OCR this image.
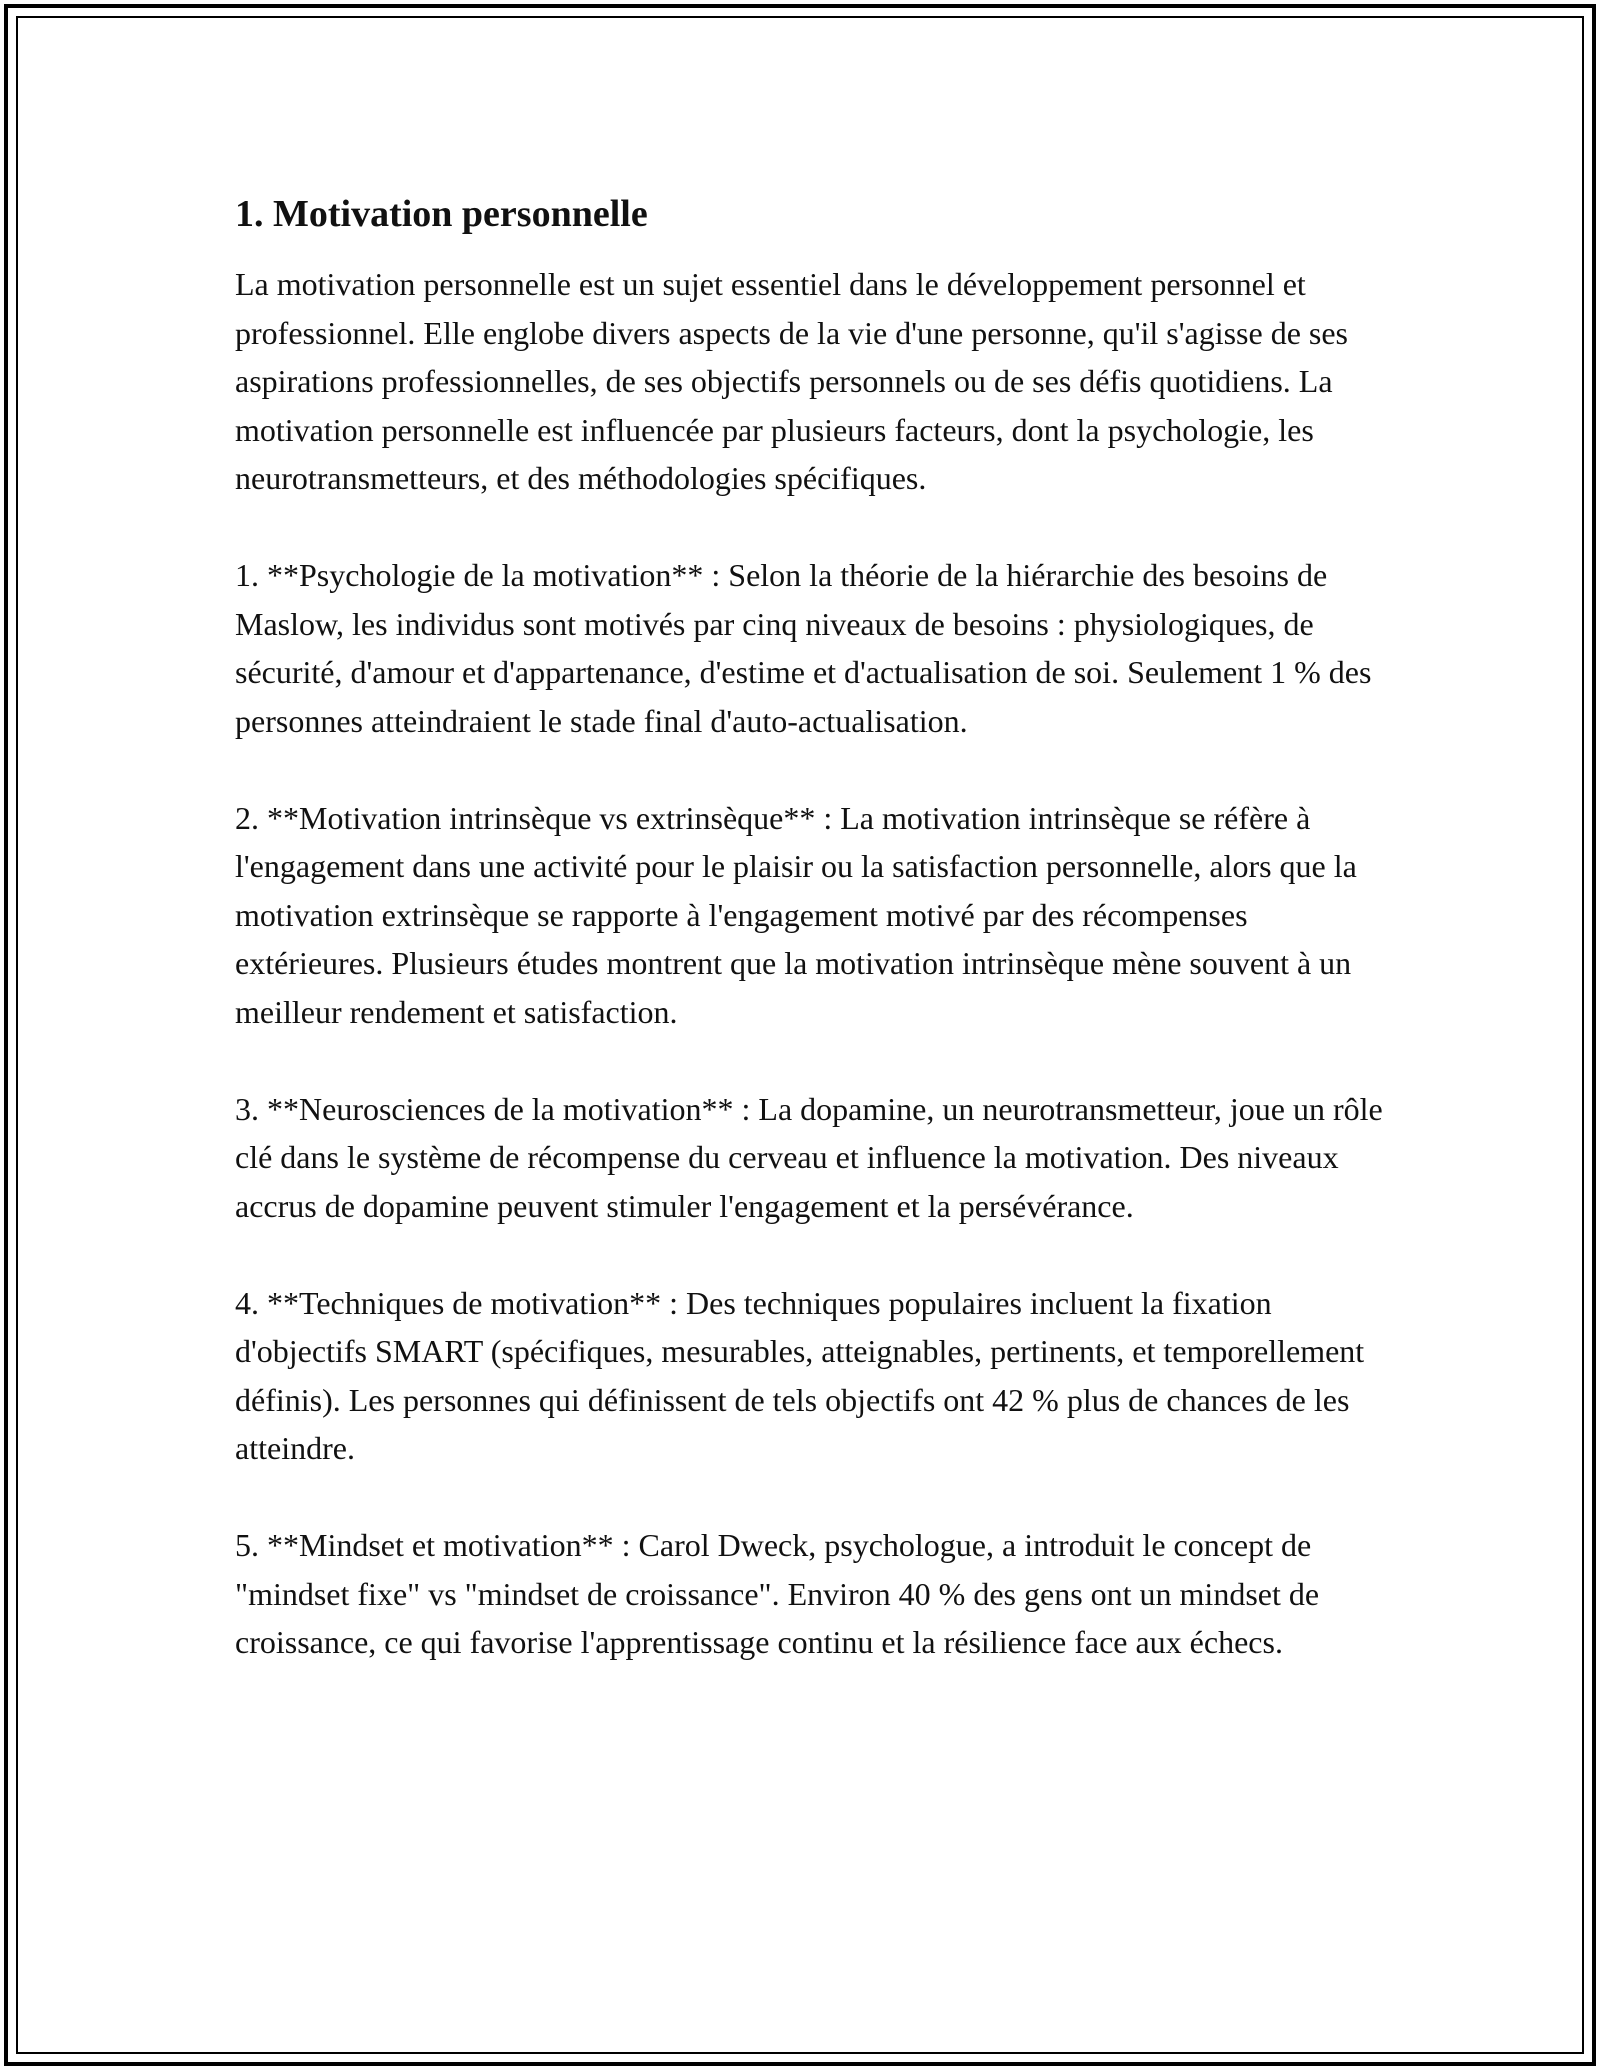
1. Motivation personnelle

La motivation personnelle est un sujet essentiel dans le développement personnel et professionnel. Elle englobe divers aspects de la vie d'une personne, qu'il s'agisse de ses aspirations professionnelles, de ses objectifs personnels ou de ses défis quotidiens. La motivation personnelle est influencée par plusieurs facteurs, dont la psychologie, les neurotransmetteurs, et des méthodologies spécifiques.

1. **Psychologie de la motivation** : Selon la théorie de la hiérarchie des besoins de Maslow, les individus sont motivés par cinq niveaux de besoins : physiologiques, de sécurité, d'amour et d'appartenance, d'estime et d'actualisation de soi. Seulement 1 % des personnes atteindraient le stade final d'auto-actualisation.

2. **Motivation intrinsèque vs extrinsèque** : La motivation intrinsèque se réfère à l'engagement dans une activité pour le plaisir ou la satisfaction personnelle, alors que la motivation extrinsèque se rapporte à l'engagement motivé par des récompenses extérieures. Plusieurs études montrent que la motivation intrinsèque mène souvent à un meilleur rendement et satisfaction.

3. **Neurosciences de la motivation** : La dopamine, un neurotransmetteur, joue un rôle clé dans le système de récompense du cerveau et influence la motivation. Des niveaux accrus de dopamine peuvent stimuler l'engagement et la persévérance.

4. **Techniques de motivation** : Des techniques populaires incluent la fixation d'objectifs SMART (spécifiques, mesurables, atteignables, pertinents, et temporellement définis). Les personnes qui définissent de tels objectifs ont 42 % plus de chances de les atteindre.

5. **Mindset et motivation** : Carol Dweck, psychologue, a introduit le concept de "mindset fixe" vs "mindset de croissance". Environ 40 % des gens ont un mindset de croissance, ce qui favorise l'apprentissage continu et la résilience face aux échecs.
